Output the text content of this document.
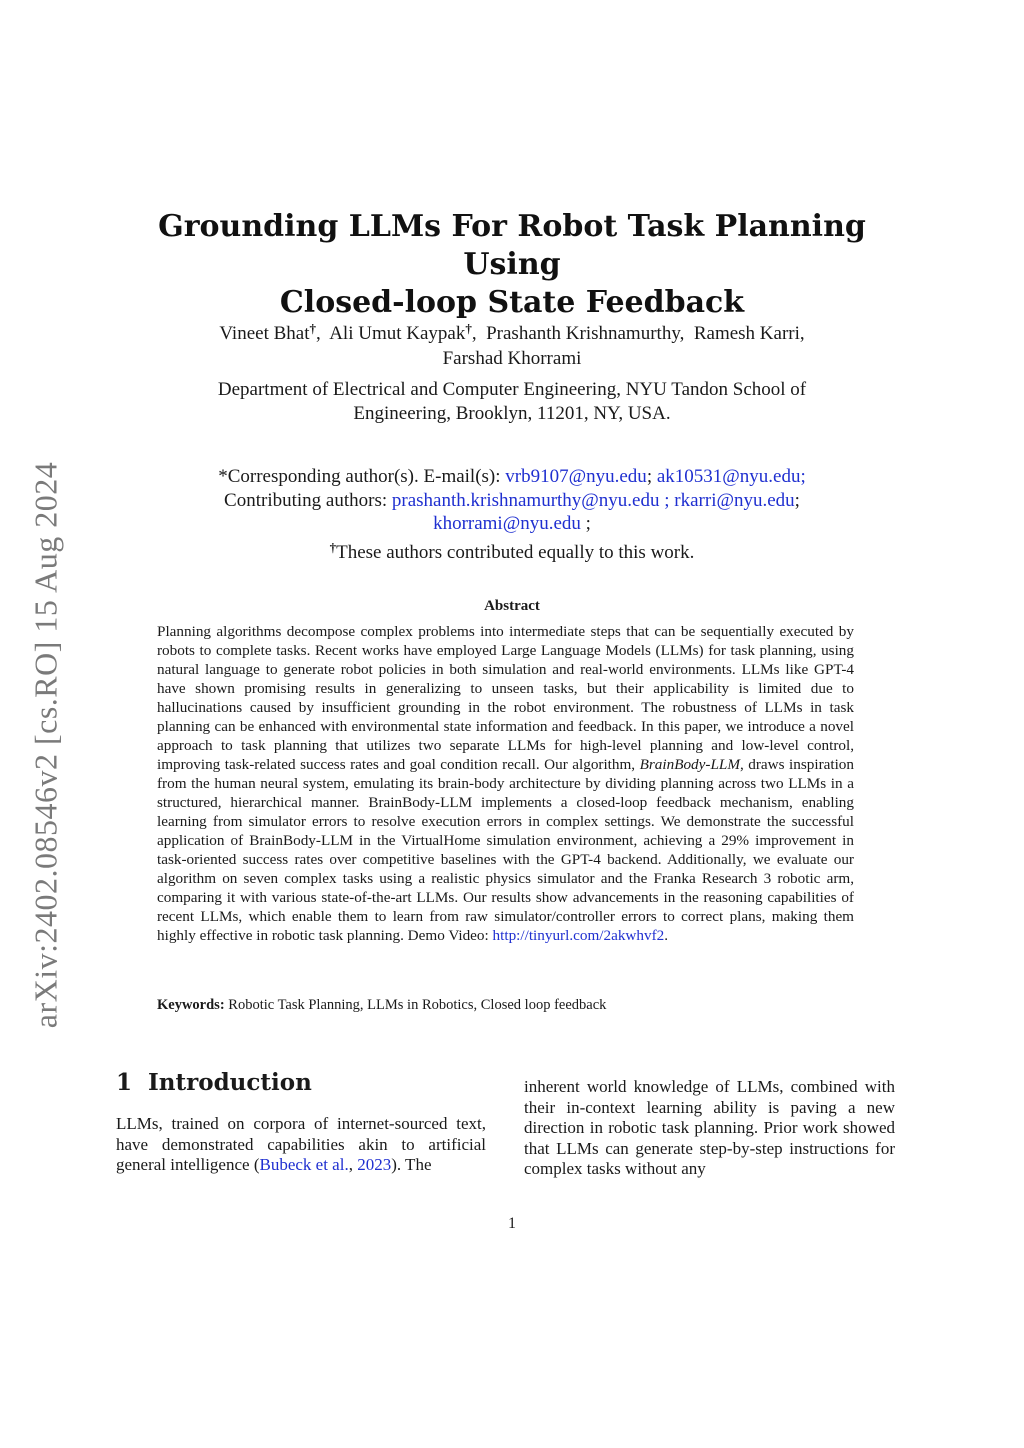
arXiv:2402.08546v2 [cs.RO] 15 Aug 2024
Grounding LLMs For Robot Task Planning Using
Closed-loop State Feedback
Vineet Bhat†, Ali Umut Kaypak†, Prashanth Krishnamurthy, Ramesh Karri,
Farshad Khorrami
Department of Electrical and Computer Engineering, NYU Tandon School of
Engineering, Brooklyn, 11201, NY, USA.
*Corresponding author(s). E-mail(s): vrb9107@nyu.edu; ak10531@nyu.edu;
Contributing authors: prashanth.krishnamurthy@nyu.edu ; rkarri@nyu.edu;
khorrami@nyu.edu ;
†These authors contributed equally to this work.
Abstract
Planning algorithms decompose complex problems into intermediate steps that can be sequentially executed by robots to complete tasks. Recent works have employed Large Language Models (LLMs) for task planning, using natural language to generate robot policies in both simulation and real-world environments. LLMs like GPT-4 have shown promising results in generalizing to unseen tasks, but their applicability is limited due to hallucinations caused by insufficient grounding in the robot environment. The robustness of LLMs in task planning can be enhanced with environmental state information and feedback. In this paper, we introduce a novel approach to task planning that utilizes two separate LLMs for high-level planning and low-level control, improving task-related success rates and goal condition recall. Our algorithm, BrainBody-LLM, draws inspiration from the human neural system, emulating its brain-body architecture by dividing planning across two LLMs in a structured, hierarchical manner. BrainBody-LLM implements a closed-loop feedback mechanism, enabling learning from simulator errors to resolve execution errors in complex settings. We demonstrate the successful application of BrainBody-LLM in the VirtualHome simulation environment, achieving a 29% improvement in task-oriented success rates over competitive baselines with the GPT-4 backend. Additionally, we evaluate our algorithm on seven complex tasks using a realistic physics simulator and the Franka Research 3 robotic arm, comparing it with various state-of-the-art LLMs. Our results show advancements in the reasoning capabilities of recent LLMs, which enable them to learn from raw simulator/controller errors to correct plans, making them highly effective in robotic task planning. Demo Video: http://tinyurl.com/2akwhvf2.
Keywords: Robotic Task Planning, LLMs in Robotics, Closed loop feedback
1 Introduction
LLMs, trained on corpora of internet-sourced text, have demonstrated capabilities akin to artificial general intelligence (Bubeck et al., 2023). The
inherent world knowledge of LLMs, combined with their in-context learning ability is paving a new direction in robotic task planning. Prior work showed that LLMs can generate step-by-step instructions for complex tasks without any
1
